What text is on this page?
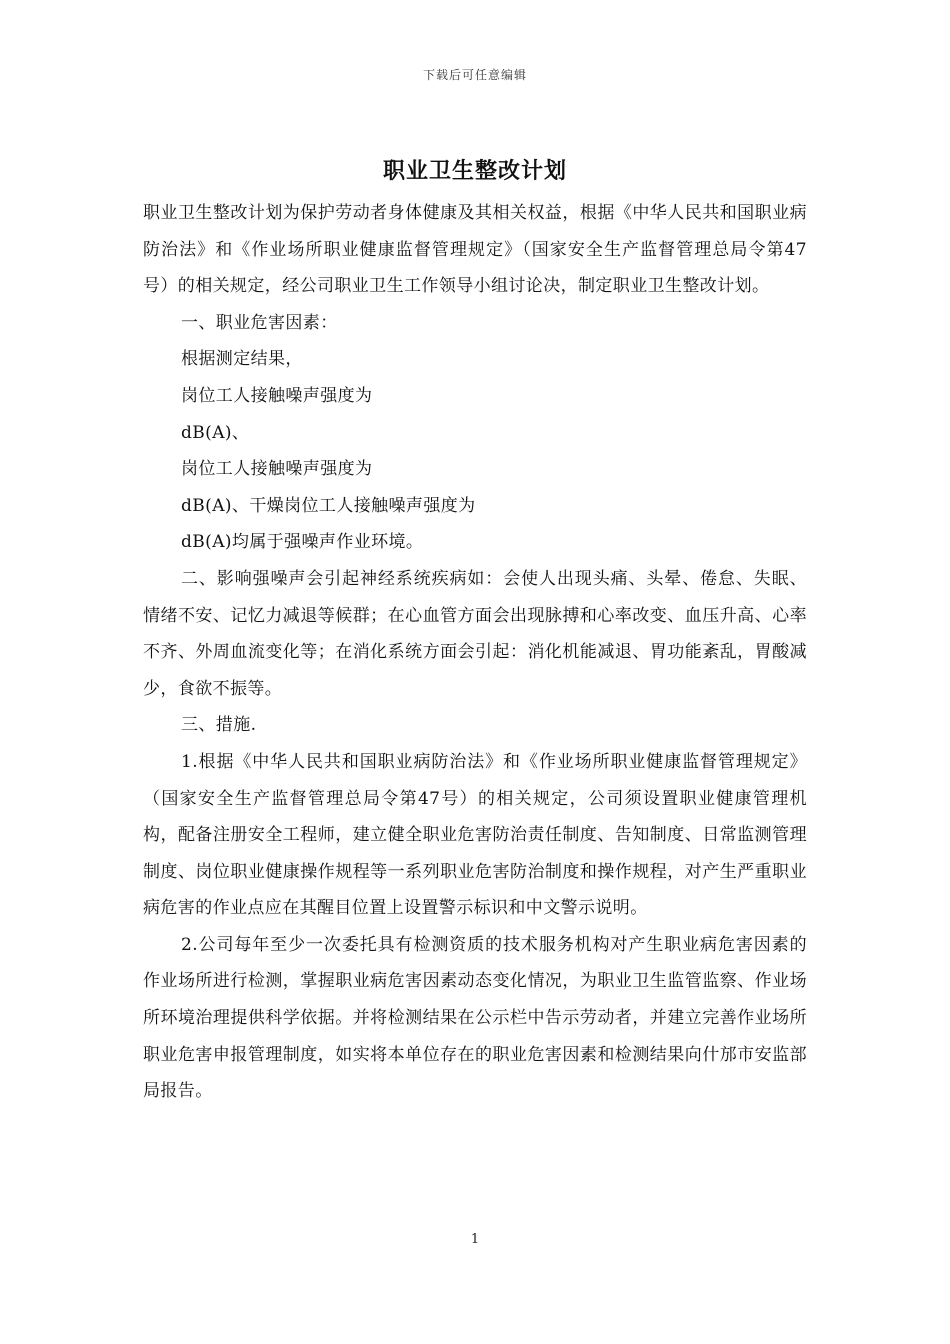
下载后可任意编辑
职业卫生整改计划

职业卫生整改计划为保护劳动者身体健康及其相关权益，根据《中华人民共和国职业病防治法》和《作业场所职业健康监督管理规定》（国家安全生产监督管理总局令第47号）的相关规定，经公司职业卫生工作领导小组讨论决，制定职业卫生整改计划。

一、职业危害因素：

根据测定结果，

岗位工人接触噪声强度为

dB(A)、

岗位工人接触噪声强度为

dB(A)、干燥岗位工人接触噪声强度为

dB(A)均属于强噪声作业环境。

二、影响强噪声会引起神经系统疾病如：会使人出现头痛、头晕、倦怠、失眠、情绪不安、记忆力减退等候群；在心血管方面会出现脉搏和心率改变、血压升高、心率不齐、外周血流变化等；在消化系统方面会引起：消化机能减退、胃功能紊乱，胃酸减少，食欲不振等。

三、措施.

1.根据《中华人民共和国职业病防治法》和《作业场所职业健康监督管理规定》（国家安全生产监督管理总局令第47号）的相关规定，公司须设置职业健康管理机构，配备注册安全工程师，建立健全职业危害防治责任制度、告知制度、日常监测管理制度、岗位职业健康操作规程等一系列职业危害防治制度和操作规程，对产生严重职业病危害的作业点应在其醒目位置上设置警示标识和中文警示说明。

2.公司每年至少一次委托具有检测资质的技术服务机构对产生职业病危害因素的作业场所进行检测，掌握职业病危害因素动态变化情况，为职业卫生监管监察、作业场所环境治理提供科学依据。并将检测结果在公示栏中告示劳动者，并建立完善作业场所职业危害申报管理制度，如实将本单位存在的职业危害因素和检测结果向什邡市安监部局报告。

1
